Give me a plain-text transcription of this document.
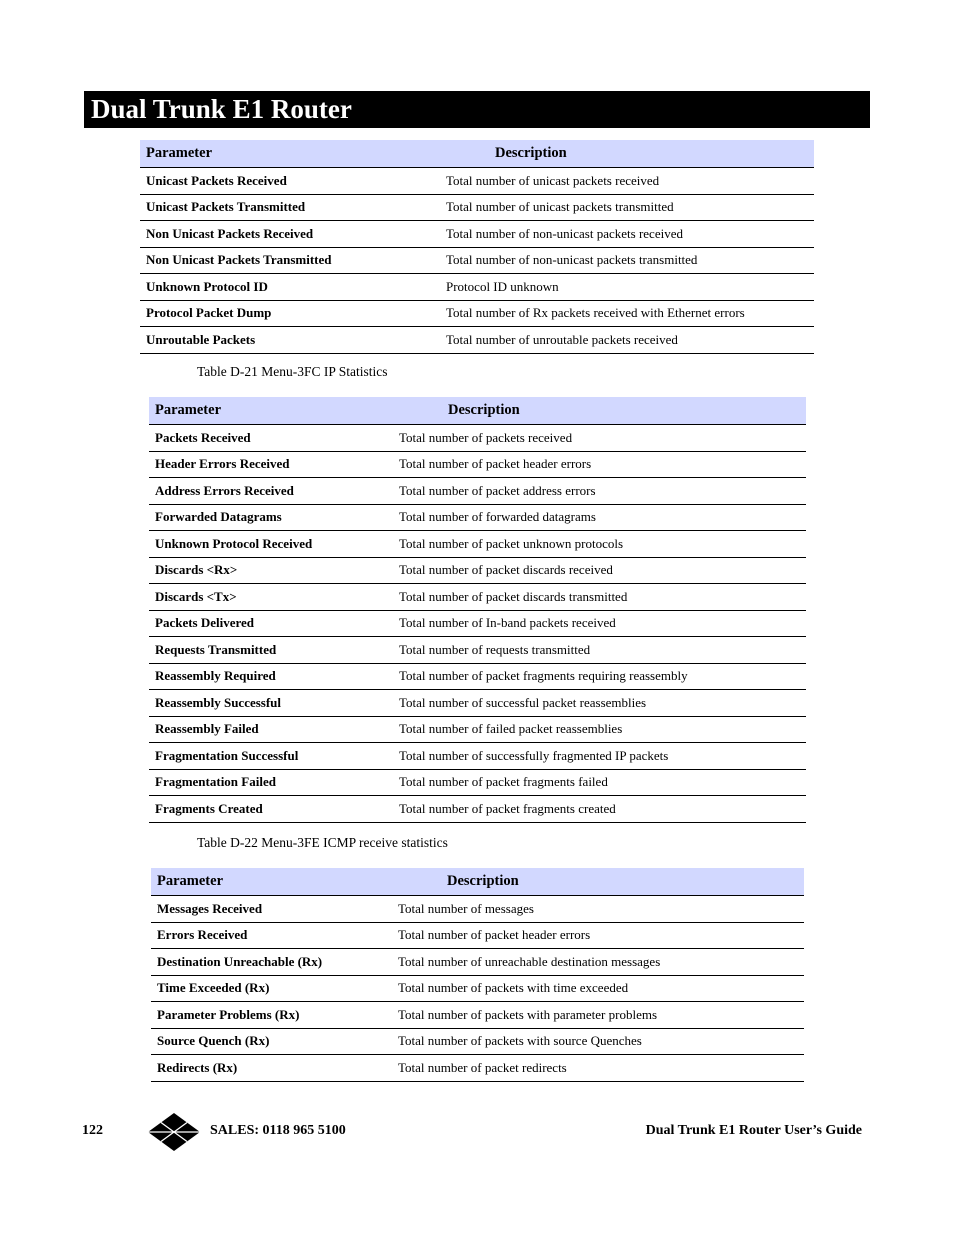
Dual Trunk E1 Router
Parameter	Description
Unicast Packets Received	Total number of unicast packets received
Unicast Packets Transmitted	Total number of unicast packets transmitted
Non Unicast Packets Received	Total number of non-unicast packets received
Non Unicast Packets Transmitted	Total number of non-unicast packets transmitted
Unknown Protocol ID	Protocol ID unknown
Protocol Packet Dump	Total number of Rx packets received with Ethernet errors
Unroutable Packets	Total number of unroutable packets received
Table D-21 Menu-3FC IP Statistics
Parameter	Description
Packets Received	Total number of packets received
Header Errors Received	Total number of packet header errors
Address Errors Received	Total number of packet address errors
Forwarded Datagrams	Total number of forwarded datagrams
Unknown Protocol Received	Total number of packet unknown protocols
Discards <Rx>	Total number of packet discards received
Discards <Tx>	Total number of packet discards transmitted
Packets Delivered	Total number of In-band packets received
Requests Transmitted	Total number of requests transmitted
Reassembly Required	Total number of packet fragments requiring reassembly
Reassembly Successful	Total number of successful packet reassemblies
Reassembly Failed	Total number of failed packet reassemblies
Fragmentation Successful	Total number of successfully fragmented IP packets
Fragmentation Failed	Total number of packet fragments failed
Fragments Created	Total number of packet fragments created
Table D-22 Menu-3FE ICMP receive statistics
Parameter	Description
Messages Received	Total number of messages
Errors Received	Total number of packet header errors
Destination Unreachable (Rx)	Total number of unreachable destination messages
Time Exceeded (Rx)	Total number of packets with time exceeded
Parameter Problems (Rx)	Total number of packets with parameter problems
Source Quench (Rx)	Total number of packets with source Quenches
Redirects (Rx)	Total number of packet redirects
122	SALES: 0118 965 5100	Dual Trunk E1 Router User’s Guide
